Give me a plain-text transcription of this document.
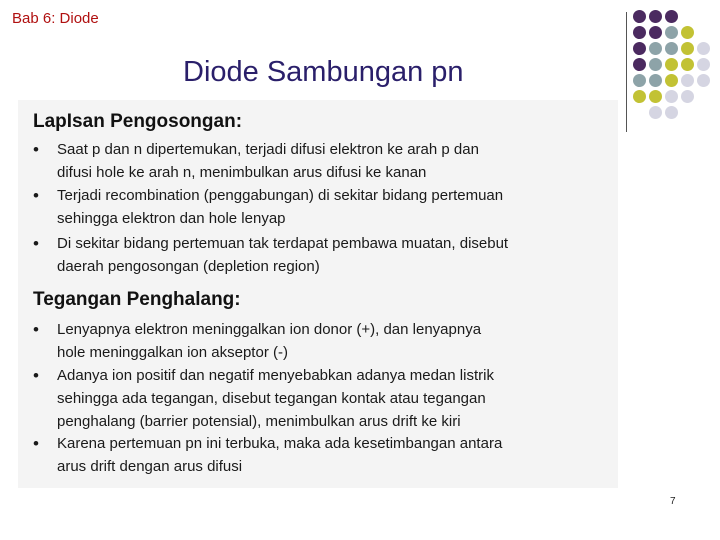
Bab 6: Diode
Diode Sambungan pn
LapIsan Pengosongan:
• Saat p dan n dipertemukan, terjadi difusi elektron ke arah p dan
difusi hole ke arah n, menimbulkan arus difusi ke kanan
• Terjadi recombination (penggabungan) di sekitar bidang pertemuan
sehingga elektron dan hole lenyap
• Di sekitar bidang pertemuan tak terdapat pembawa muatan, disebut
daerah pengosongan (depletion region)
Tegangan Penghalang:
• Lenyapnya elektron meninggalkan ion donor (+), dan lenyapnya
hole meninggalkan ion akseptor (-)
• Adanya ion positif dan negatif menyebabkan adanya medan listrik
sehingga ada tegangan, disebut tegangan kontak atau tegangan
penghalang (barrier potensial), menimbulkan arus drift ke kiri
• Karena pertemuan pn ini terbuka, maka ada kesetimbangan antara
arus drift dengan arus difusi
7
